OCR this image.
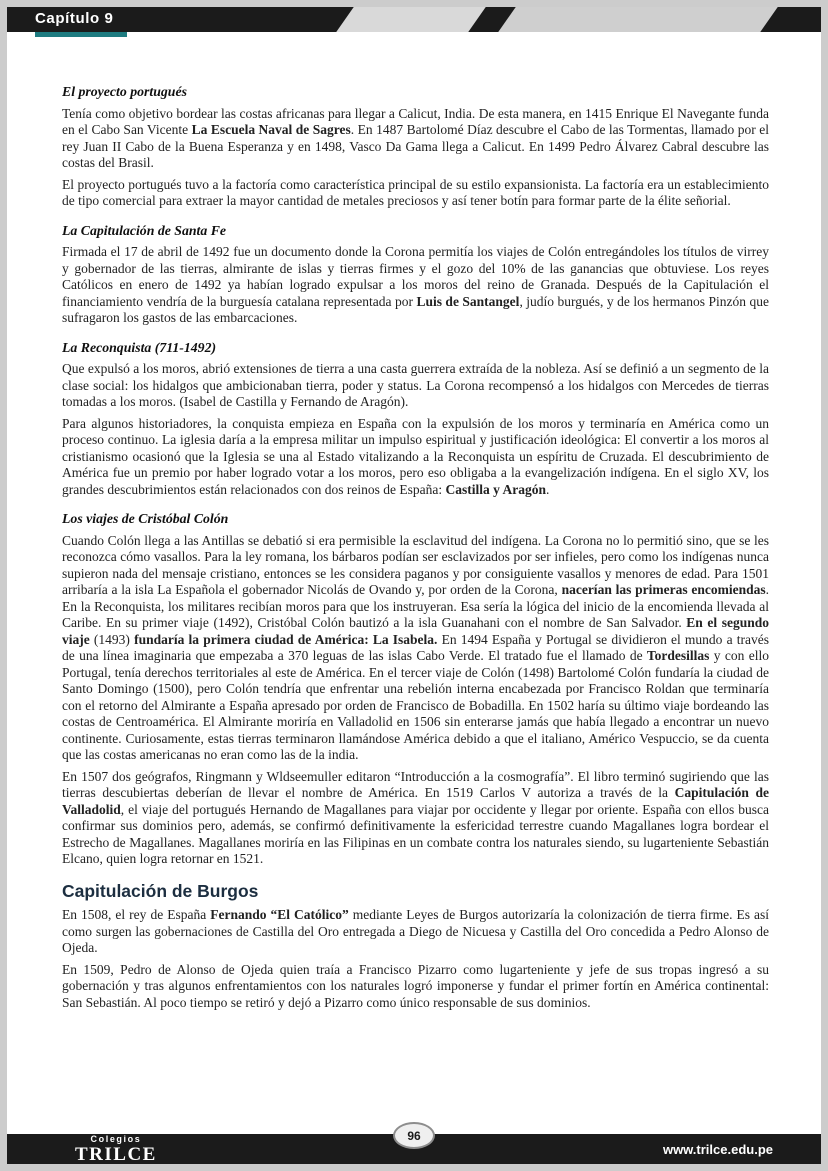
Capítulo 9
El proyecto portugués

Tenía como objetivo bordear las costas africanas para llegar a Calicut, India. De esta manera, en 1415 Enrique El Navegante funda en el Cabo San Vicente La Escuela Naval de Sagres. En 1487 Bartolomé Díaz descubre el Cabo de las Tormentas, llamado por el rey Juan II Cabo de la Buena Esperanza y en 1498, Vasco Da Gama llega a Calicut. En 1499 Pedro Álvarez Cabral descubre las costas del Brasil.

El proyecto portugués tuvo a la factoría como característica principal de su estilo expansionista. La factoría era un establecimiento de tipo comercial para extraer la mayor cantidad de metales preciosos y así tener botín para formar parte de la élite señorial.

La Capitulación de Santa Fe

Firmada el 17 de abril de 1492 fue un documento donde la Corona permitía los viajes de Colón entregándoles los títulos de virrey y gobernador de las tierras, almirante de islas y tierras firmes y el gozo del 10% de las ganancias que obtuviese. Los reyes Católicos en enero de 1492 ya habían logrado expulsar a los moros del reino de Granada. Después de la Capitulación el financiamiento vendría de la burguesía catalana representada por Luis de Santangel, judío burgués, y de los hermanos Pinzón que sufragaron los gastos de las embarcaciones.

La Reconquista (711-1492)

Que expulsó a los moros, abrió extensiones de tierra a una casta guerrera extraída de la nobleza. Así se definió a un segmento de la clase social: los hidalgos que ambicionaban tierra, poder y status. La Corona recompensó a los hidalgos con Mercedes de tierras tomadas a los moros. (Isabel de Castilla y Fernando de Aragón).

Para algunos historiadores, la conquista empieza en España con la expulsión de los moros y terminaría en América como un proceso continuo. La iglesia daría a la empresa militar un impulso espiritual y justificación ideológica: El convertir a los moros al cristianismo ocasionó que la Iglesia se una al Estado vitalizando a la Reconquista un espíritu de Cruzada. El descubrimiento de América fue un premio por haber logrado votar a los moros, pero eso obligaba a la evangelización indígena. En el siglo XV, los grandes descubrimientos están relacionados con dos reinos de España: Castilla y Aragón.

Los viajes de Cristóbal Colón

Cuando Colón llega a las Antillas se debatió si era permisible la esclavitud del indígena. La Corona no lo permitió sino, que se les reconozca cómo vasallos. Para la ley romana, los bárbaros podían ser esclavizados por ser infieles, pero como los indígenas nunca supieron nada del mensaje cristiano, entonces se les considera paganos y por consiguiente vasallos y menores de edad. Para 1501 arribaría a la isla La Española el gobernador Nicolás de Ovando y, por orden de la Corona, nacerían las primeras encomiendas. En la Reconquista, los militares recibían moros para que los instruyeran. Esa sería la lógica del inicio de la encomienda llevada al Caribe. En su primer viaje (1492), Cristóbal Colón bautizó a la isla Guanahani con el nombre de San Salvador. En el segundo viaje (1493) fundaría la primera ciudad de América: La Isabela. En 1494 España y Portugal se dividieron el mundo a través de una línea imaginaria que empezaba a 370 leguas de las islas Cabo Verde. El tratado fue el llamado de Tordesillas y con ello Portugal, tenía derechos territoriales al este de América. En el tercer viaje de Colón (1498) Bartolomé Colón fundaría la ciudad de Santo Domingo (1500), pero Colón tendría que enfrentar una rebelión interna encabezada por Francisco Roldan que terminaría con el retorno del Almirante a España apresado por orden de Francisco de Bobadilla. En 1502 haría su último viaje bordeando las costas de Centroamérica. El Almirante moriría en Valladolid en 1506 sin enterarse jamás que había llegado a encontrar un nuevo continente. Curiosamente, estas tierras terminaron llamándose América debido a que el italiano, Américo Vespuccio, se da cuenta que las costas americanas no eran como las de la india.

En 1507 dos geógrafos, Ringmann y Wldseemuller editaron “Introducción a la cosmografía”. El libro terminó sugiriendo que las tierras descubiertas deberían de llevar el nombre de América. En 1519 Carlos V autoriza a través de la Capitulación de Valladolid, el viaje del portugués Hernando de Magallanes para viajar por occidente y llegar por oriente. España con ellos busca confirmar sus dominios pero, además, se confirmó definitivamente la esfericidad terrestre cuando Magallanes logra bordear el Estrecho de Magallanes. Magallanes moriría en las Filipinas en un combate contra los naturales siendo, su lugarteniente Sebastián Elcano, quien logra retornar en 1521.

Capitulación de Burgos

En 1508, el rey de España Fernando “El Católico” mediante Leyes de Burgos autorizaría la colonización de tierra firme. Es así como surgen las gobernaciones de Castilla del Oro entregada a Diego de Nicuesa y Castilla del Oro concedida a Pedro Alonso de Ojeda.

En 1509, Pedro de Alonso de Ojeda quien traía a Francisco Pizarro como lugarteniente y jefe de sus tropas ingresó a su gobernación y tras algunos enfrentamientos con los naturales logró imponerse y fundar el primer fortín en América continental: San Sebastián. Al poco tiempo se retiró y dejó a Pizarro como único responsable de sus dominios.

Colegios
TRILCE	www.trilce.edu.pe
96
